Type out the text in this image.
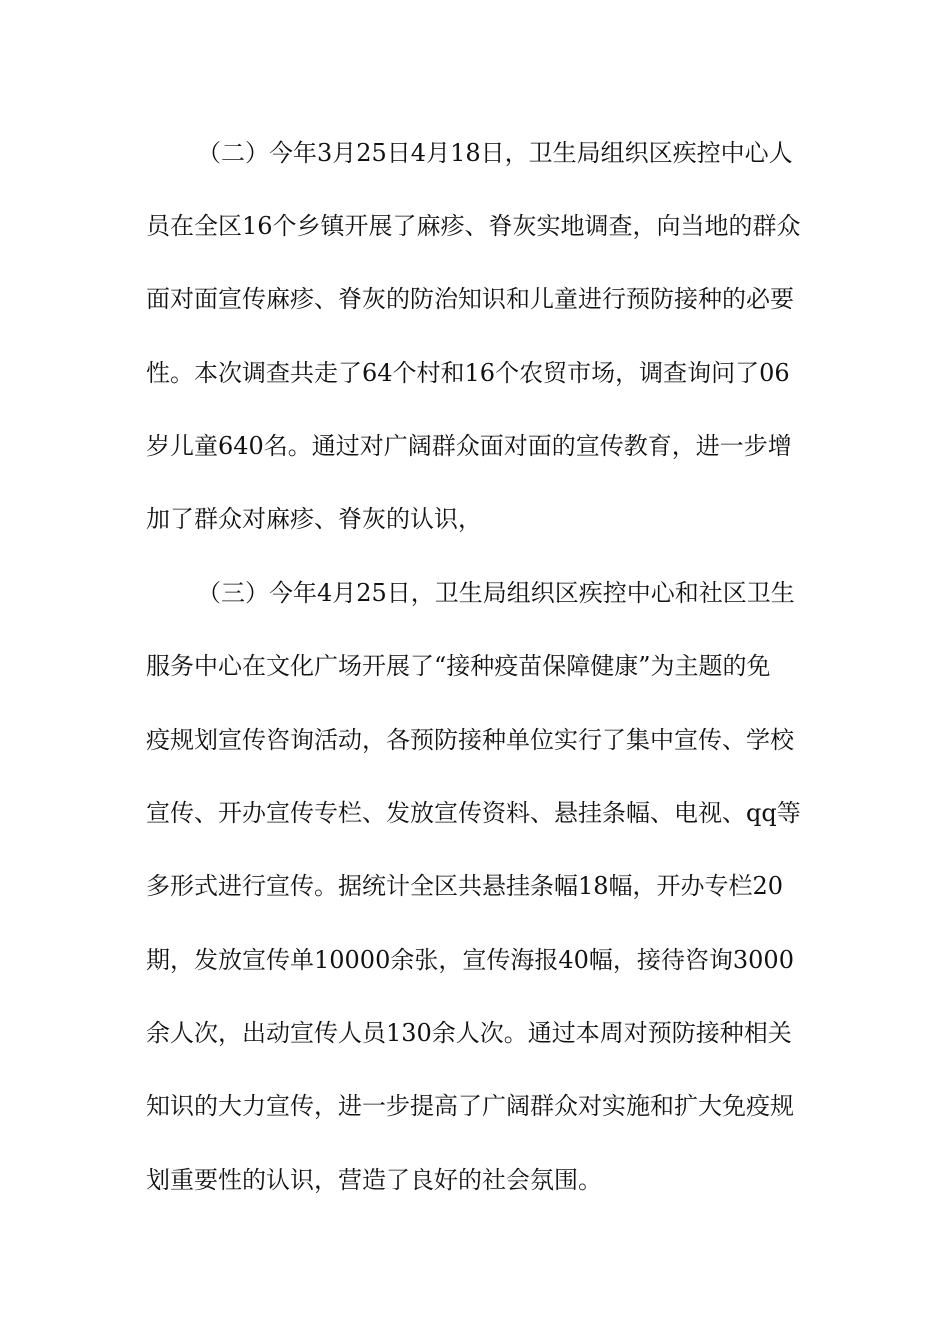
（二）今年3月25日4月18日，卫生局组织区疾控中心人

员在全区16个乡镇开展了麻疹、脊灰实地调查，向当地的群众

面对面宣传麻疹、脊灰的防治知识和儿童进行预防接种的必要

性。本次调查共走了64个村和16个农贸市场，调查询问了06

岁儿童640名。通过对广阔群众面对面的宣传教育，进一步增

加了群众对麻疹、脊灰的认识，

（三）今年4月25日，卫生局组织区疾控中心和社区卫生

服务中心在文化广场开展了“接种疫苗保障健康”为主题的免

疫规划宣传咨询活动，各预防接种单位实行了集中宣传、学校

宣传、开办宣传专栏、发放宣传资料、悬挂条幅、电视、qq等

多形式进行宣传。据统计全区共悬挂条幅18幅，开办专栏20

期，发放宣传单10000余张，宣传海报40幅，接待咨询3000

余人次，出动宣传人员130余人次。通过本周对预防接种相关

知识的大力宣传，进一步提高了广阔群众对实施和扩大免疫规

划重要性的认识，营造了良好的社会氛围。
